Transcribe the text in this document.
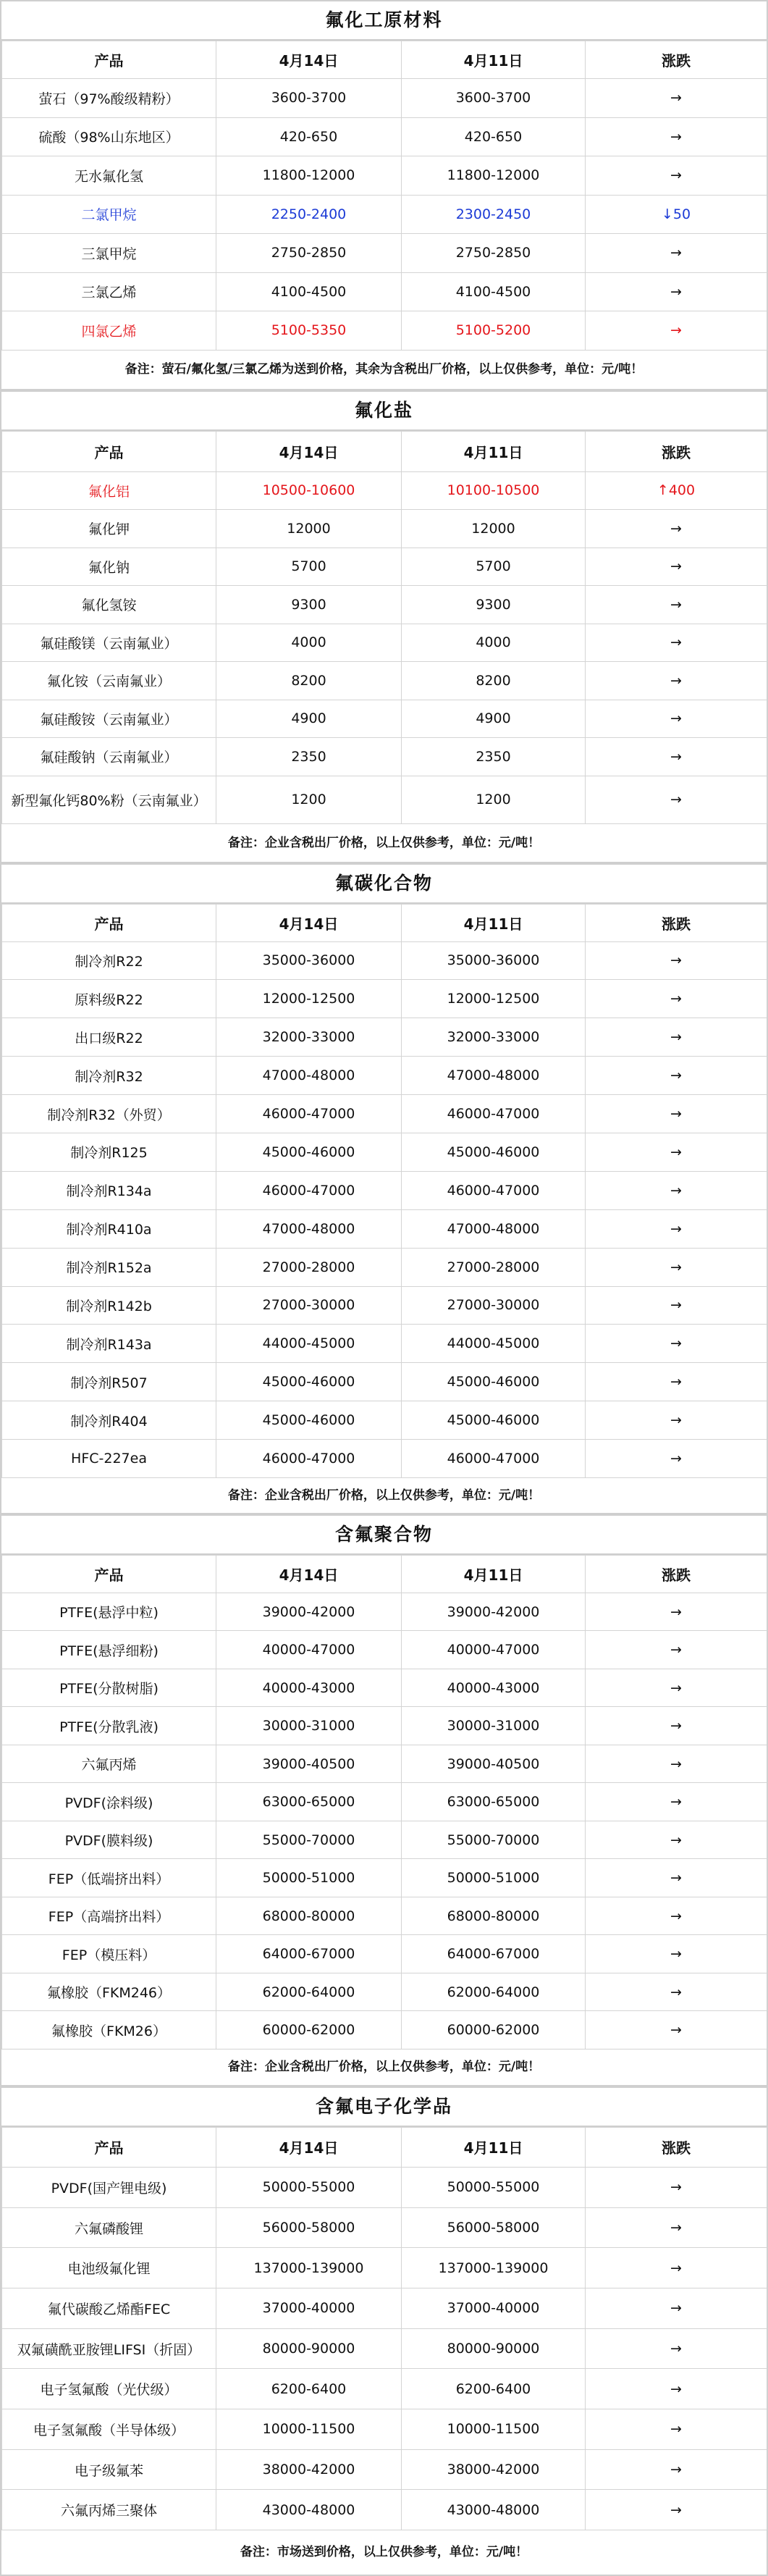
氟化工原材料
产品	4月14日	4月11日	涨跌
萤石（97%酸级精粉）	3600-3700	3600-3700	→
硫酸（98%山东地区）	420-650	420-650	→
无水氟化氢	11800-12000	11800-12000	→
二氯甲烷	2250-2400	2300-2450	↓50
三氯甲烷	2750-2850	2750-2850	→
三氯乙烯	4100-4500	4100-4500	→
四氯乙烯	5100-5350	5100-5200	→
备注：萤石/氟化氢/三氯乙烯为送到价格，其余为含税出厂价格，以上仅供参考，单位：元/吨！
氟化盐
产品	4月14日	4月11日	涨跌
氟化铝	10500-10600	10100-10500	↑400
氟化钾	12000	12000	→
氟化钠	5700	5700	→
氟化氢铵	9300	9300	→
氟硅酸镁（云南氟业）	4000	4000	→
氟化铵（云南氟业）	8200	8200	→
氟硅酸铵（云南氟业）	4900	4900	→
氟硅酸钠（云南氟业）	2350	2350	→
新型氟化钙80%粉（云南氟业）	1200	1200	→
备注：企业含税出厂价格，以上仅供参考，单位：元/吨！
氟碳化合物
产品	4月14日	4月11日	涨跌
制冷剂R22	35000-36000	35000-36000	→
原料级R22	12000-12500	12000-12500	→
出口级R22	32000-33000	32000-33000	→
制冷剂R32	47000-48000	47000-48000	→
制冷剂R32（外贸）	46000-47000	46000-47000	→
制冷剂R125	45000-46000	45000-46000	→
制冷剂R134a	46000-47000	46000-47000	→
制冷剂R410a	47000-48000	47000-48000	→
制冷剂R152a	27000-28000	27000-28000	→
制冷剂R142b	27000-30000	27000-30000	→
制冷剂R143a	44000-45000	44000-45000	→
制冷剂R507	45000-46000	45000-46000	→
制冷剂R404	45000-46000	45000-46000	→
HFC-227ea	46000-47000	46000-47000	→
备注：企业含税出厂价格，以上仅供参考，单位：元/吨！
含氟聚合物
产品	4月14日	4月11日	涨跌
PTFE(悬浮中粒)	39000-42000	39000-42000	→
PTFE(悬浮细粉)	40000-47000	40000-47000	→
PTFE(分散树脂)	40000-43000	40000-43000	→
PTFE(分散乳液)	30000-31000	30000-31000	→
六氟丙烯	39000-40500	39000-40500	→
PVDF(涂料级)	63000-65000	63000-65000	→
PVDF(膜料级)	55000-70000	55000-70000	→
FEP（低端挤出料）	50000-51000	50000-51000	→
FEP（高端挤出料）	68000-80000	68000-80000	→
FEP（模压料）	64000-67000	64000-67000	→
氟橡胶（FKM246）	62000-64000	62000-64000	→
氟橡胶（FKM26）	60000-62000	60000-62000	→
备注：企业含税出厂价格，以上仅供参考，单位：元/吨！
含氟电子化学品
产品	4月14日	4月11日	涨跌
PVDF(国产锂电级)	50000-55000	50000-55000	→
六氟磷酸锂	56000-58000	56000-58000	→
电池级氟化锂	137000-139000	137000-139000	→
氟代碳酸乙烯酯FEC	37000-40000	37000-40000	→
双氟磺酰亚胺锂LIFSI（折固）	80000-90000	80000-90000	→
电子氢氟酸（光伏级）	6200-6400	6200-6400	→
电子氢氟酸（半导体级）	10000-11500	10000-11500	→
电子级氟苯	38000-42000	38000-42000	→
六氟丙烯三聚体	43000-48000	43000-48000	→
备注：市场送到价格，以上仅供参考，单位：元/吨！
